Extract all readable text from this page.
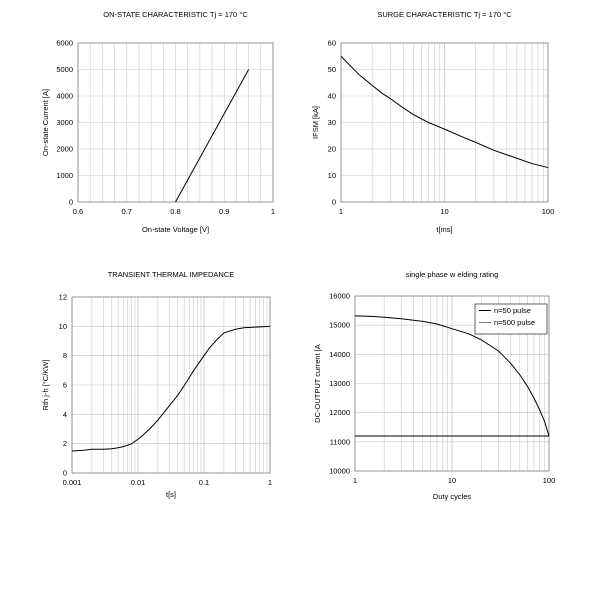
0.6	0.7	0.8	0.9	1
0
1000
2000
3000
4000
5000
6000
ON-STATE CHARACTERISTIC Tj = 170 °C
On-state Voltage [V]
On-state Current [A]
1	10	100
0
10
20
30
40
50
60
SURGE CHARACTERISTIC Tj = 170 °C
t[ms]
IFSM [kA]
0.001	0.01	0.1	1
0
2
4
6
8
10
12
TRANSIENT THERMAL IMPEDANCE
t[s]
Rth j-h [°C/KW]
1	10	100
10000
11000
12000
13000
14000
15000
16000
single phase w elding rating
Duty cycles
DC-OUTPUT current [A
n=50 pulse
n=500 pulse
